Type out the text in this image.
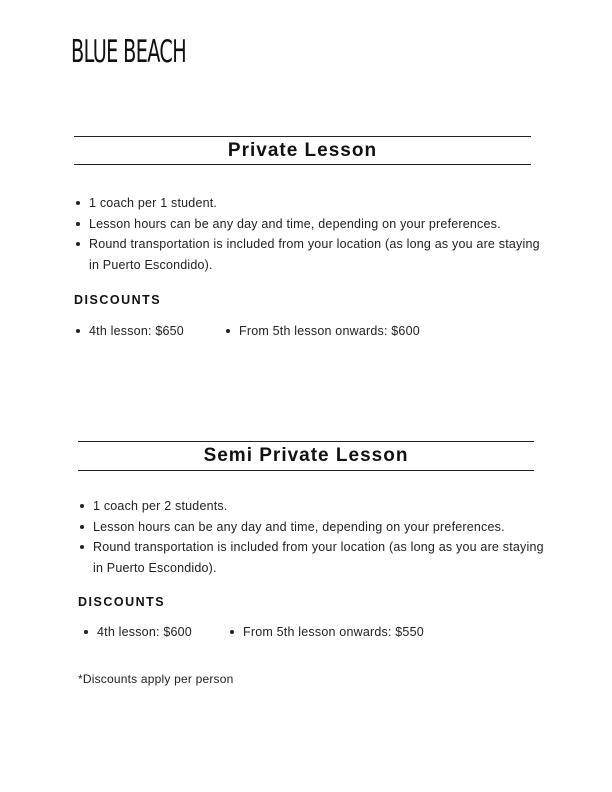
BLUE BEACH
Private Lesson
1 coach per 1 student.
Lesson hours can be any day and time, depending on your preferences.
Round transportation is included from your location (as long as you are staying in Puerto Escondido).
DISCOUNTS
4th lesson: $650	From 5th lesson onwards: $600
Semi Private Lesson
1 coach per 2 students.
Lesson hours can be any day and time, depending on your preferences.
Round transportation is included from your location (as long as you are staying in Puerto Escondido).
DISCOUNTS
4th lesson: $600	From 5th lesson onwards: $550
*Discounts apply per person
